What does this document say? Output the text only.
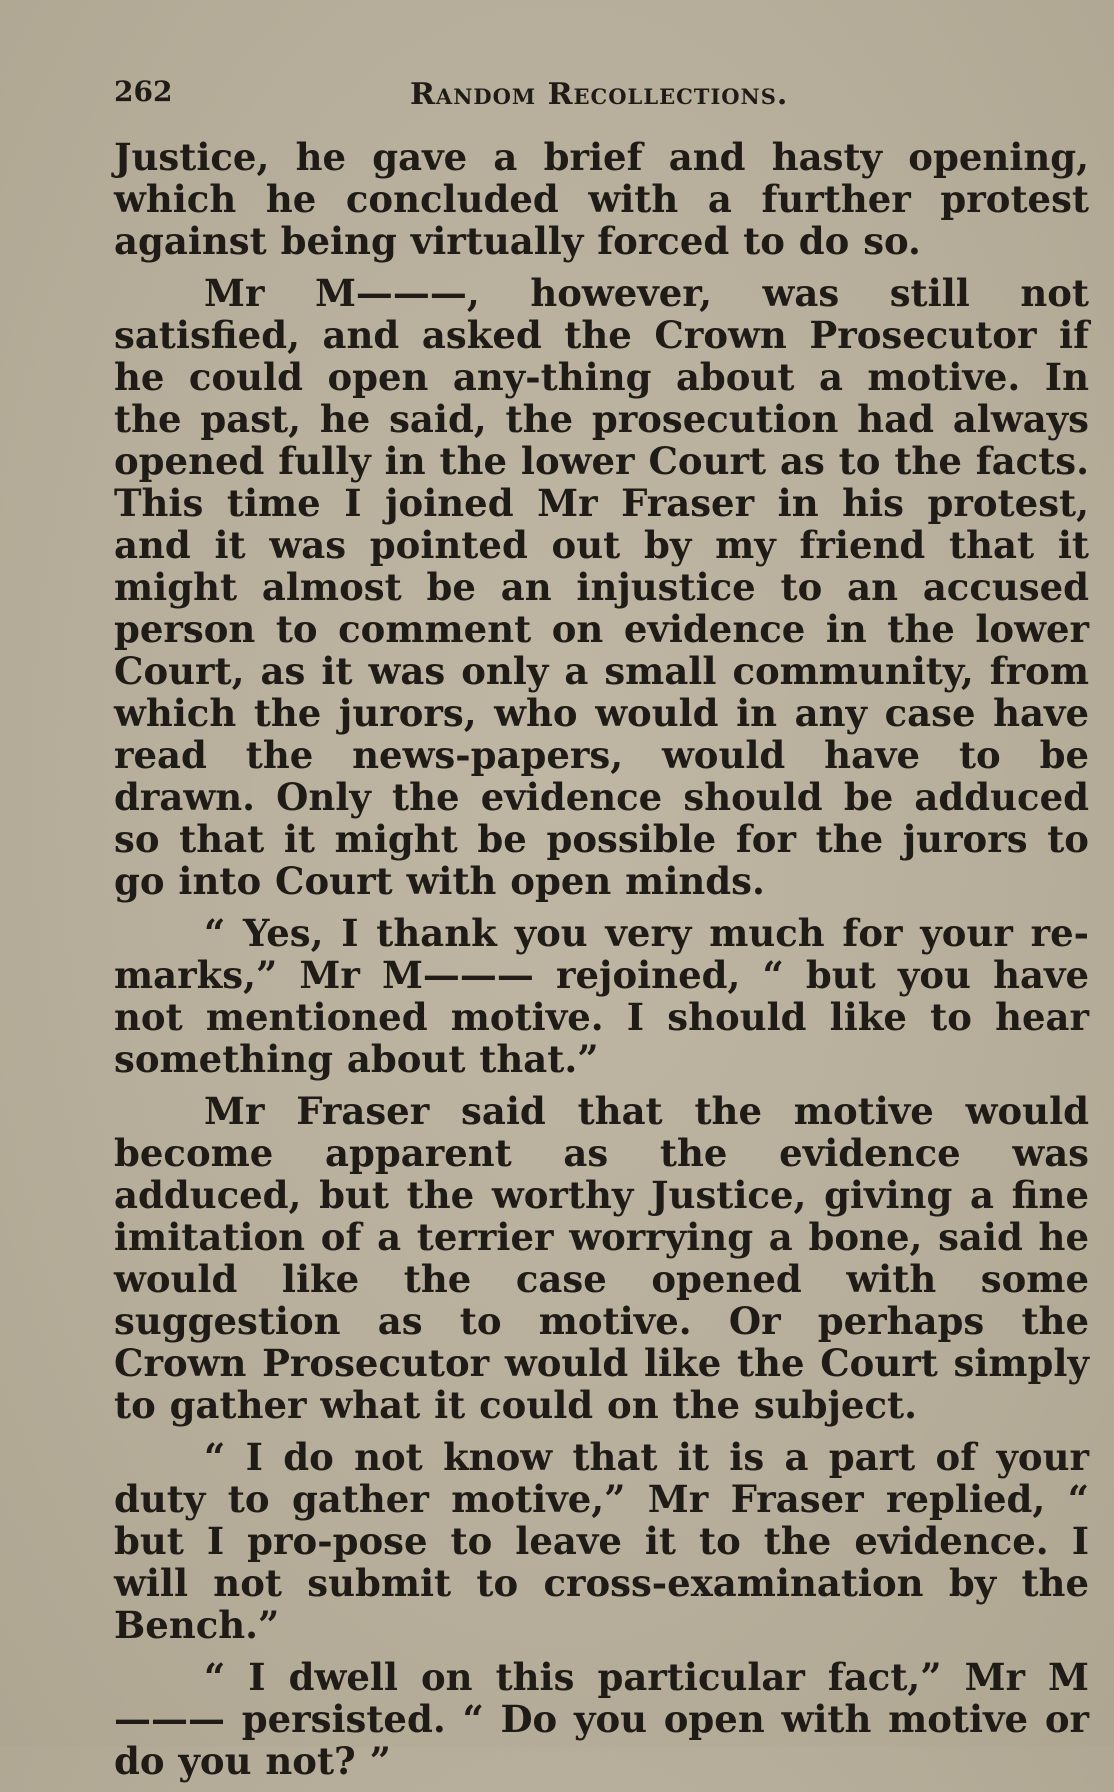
262	Random Recollections.

Justice, he gave a brief and hasty opening, which he concluded with a further protest against being virtually forced to do so.

Mr M———, however, was still not satisfied, and asked the Crown Prosecutor if he could open any-thing about a motive. In the past, he said, the prosecution had always opened fully in the lower Court as to the facts. This time I joined Mr Fraser in his protest, and it was pointed out by my friend that it might almost be an injustice to an accused person to comment on evidence in the lower Court, as it was only a small community, from which the jurors, who would in any case have read the news-papers, would have to be drawn. Only the evidence should be adduced so that it might be possible for the jurors to go into Court with open minds.

“ Yes, I thank you very much for your re-marks,” Mr M——— rejoined, “ but you have not mentioned motive. I should like to hear something about that.”

Mr Fraser said that the motive would become apparent as the evidence was adduced, but the worthy Justice, giving a fine imitation of a terrier worrying a bone, said he would like the case opened with some suggestion as to motive. Or perhaps the Crown Prosecutor would like the Court simply to gather what it could on the subject.

“ I do not know that it is a part of your duty to gather motive,” Mr Fraser replied, “ but I pro-pose to leave it to the evidence. I will not submit to cross-examination by the Bench.”

“ I dwell on this particular fact,” Mr M——— persisted. “ Do you open with motive or do you not? ”
